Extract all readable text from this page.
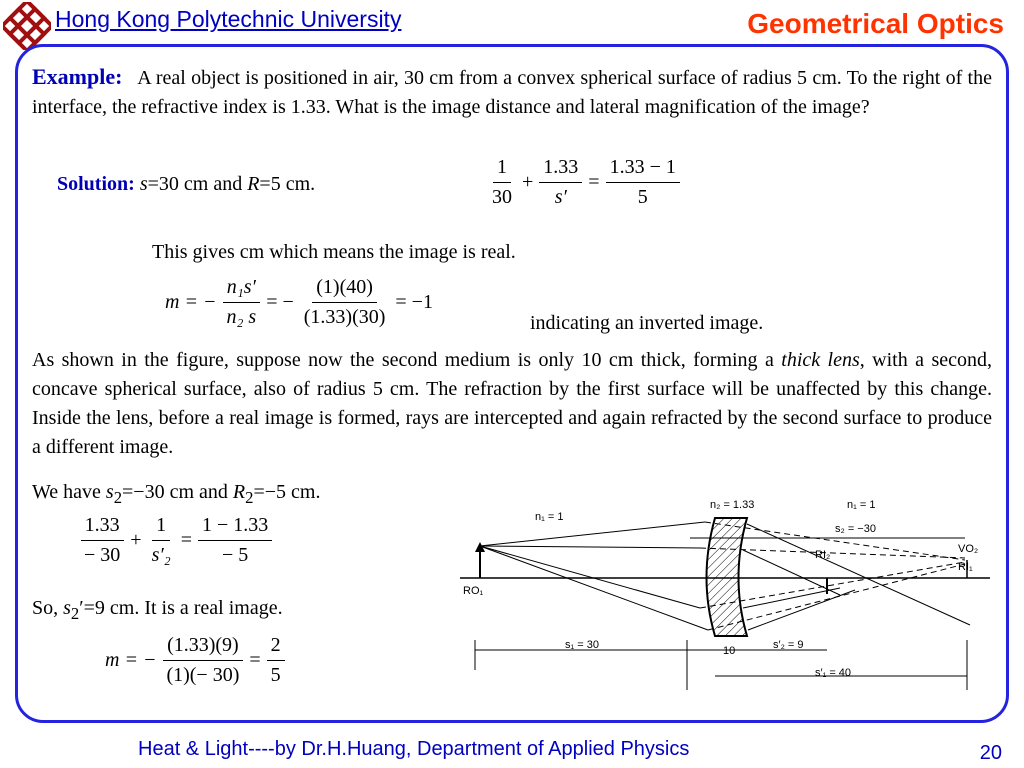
Hong Kong Polytechnic University	Geometrical Optics
Example: A real object is positioned in air, 30 cm from a convex spherical surface of radius 5 cm. To the right of the interface, the refractive index is 1.33. What is the image distance and lateral magnification of the image?
Solution: s=30 cm and R=5 cm.	$\frac{1}{30} + \frac{1.33}{s'} = \frac{1.33 - 1}{5}$
This gives cm which means the image is real.
m = − $\frac{\text{n₁s′}}{\text{n₂ s}}$ = − $\frac{(1)(40)}{(1.33)(30)} = -1$
indicating an inverted image.
As shown in the figure, suppose now the second medium is only 10 cm thick, forming a thick lens, with a second, concave spherical surface, also of radius 5 cm. The refraction by the first surface will be unaffected by this change. Inside the lens, before a real image is formed, rays are intercepted and again refracted by the second surface to produce a different image.
We have $s_2=-30$ cm and $R_2=-5$ cm.
$\frac{1.33}{- 30} + \frac{1}{\text{s′₂}} = \frac{1 - 1.33}{- 5}$
So, $s_2'=9$ cm. It is a real image.
m = − $\frac{(1.33)(9)}{(1)(- 30)} = \frac{2}{5}$
n₂ = 1.33	n₁ = 1
n₁ = 1
s₂ = −30
VO₂
RI₁
RI₂
RO₁
s₁ = 30	10	s′₂ = 9
s′₁ = 40
Heat & Light----by Dr.H.Huang, Department of Applied Physics	20
